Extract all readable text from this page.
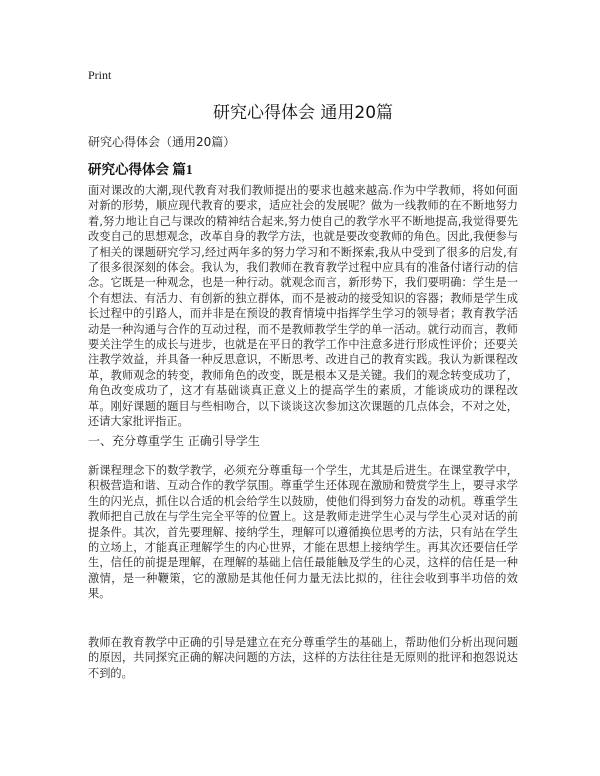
Print
研究心得体会 通用20篇
研究心得体会（通用20篇）
研究心得体会 篇1

面对课改的大潮,现代教育对我们教师提出的要求也越来越高.作为中学教师，将如何面对新的形势，顺应现代教育的要求，适应社会的发展呢？做为一线教师的在不断地努力着,努力地让自己与课改的精神结合起来,努力使自己的教学水平不断地提高,我觉得要先改变自己的思想观念，改革自身的教学方法，也就是要改变教师的角色。因此,我便参与了相关的课题研究学习,经过两年多的努力学习和不断探索,我从中受到了很多的启发,有了很多很深刻的体会。我认为，我们教师在教育教学过程中应具有的准备付诸行动的信念。它既是一种观念，也是一种行动。就观念而言，新形势下，我们要明确：学生是一个有想法、有活力、有创新的独立群体，而不是被动的接受知识的容器；教师是学生成长过程中的引路人，而并非是在预设的教育情境中指挥学生学习的领导者；教育教学活动是一种沟通与合作的互动过程，而不是教师教学生学的单一活动。就行动而言，教师要关注学生的成长与进步，也就是在平日的教学工作中注意多进行形成性评价；还要关注教学效益，并具备一种反思意识，不断思考、改进自己的教育实践。我认为新课程改革，教师观念的转变，教师角色的改变，既是根本又是关键。我们的观念转变成功了，角色改变成功了，这才有基础谈真正意义上的提高学生的素质，才能谈成功的课程改革。刚好课题的题目与些相吻合，以下谈谈这次参加这次课题的几点体会，不对之处，还请大家批评指正。

一、充分尊重学生 正确引导学生

新课程理念下的数学教学，必须充分尊重每一个学生，尤其是后进生。在课堂教学中，积极营造和谐、互动合作的教学氛围。尊重学生还体现在激励和赞赏学生上，要寻求学生的闪光点，抓住以合适的机会给学生以鼓励，使他们得到努力奋发的动机。尊重学生教师把自己放在与学生完全平等的位置上。这是教师走进学生心灵与学生心灵对话的前提条件。其次，首先要理解、接纳学生，理解可以遵循换位思考的方法，只有站在学生的立场上，才能真正理解学生的内心世界，才能在思想上接纳学生。再其次还要信任学生，信任的前提是理解，在理解的基础上信任最能触及学生的心灵，这样的信任是一种激情，是一种鞭策，它的激励是其他任何力量无法比拟的，往往会收到事半功倍的效果。

教师在教育教学中正确的引导是建立在充分尊重学生的基础上，帮助他们分析出现问题的原因，共同探究正确的解决问题的方法，这样的方法往往是无原则的批评和抱怨说达不到的。
